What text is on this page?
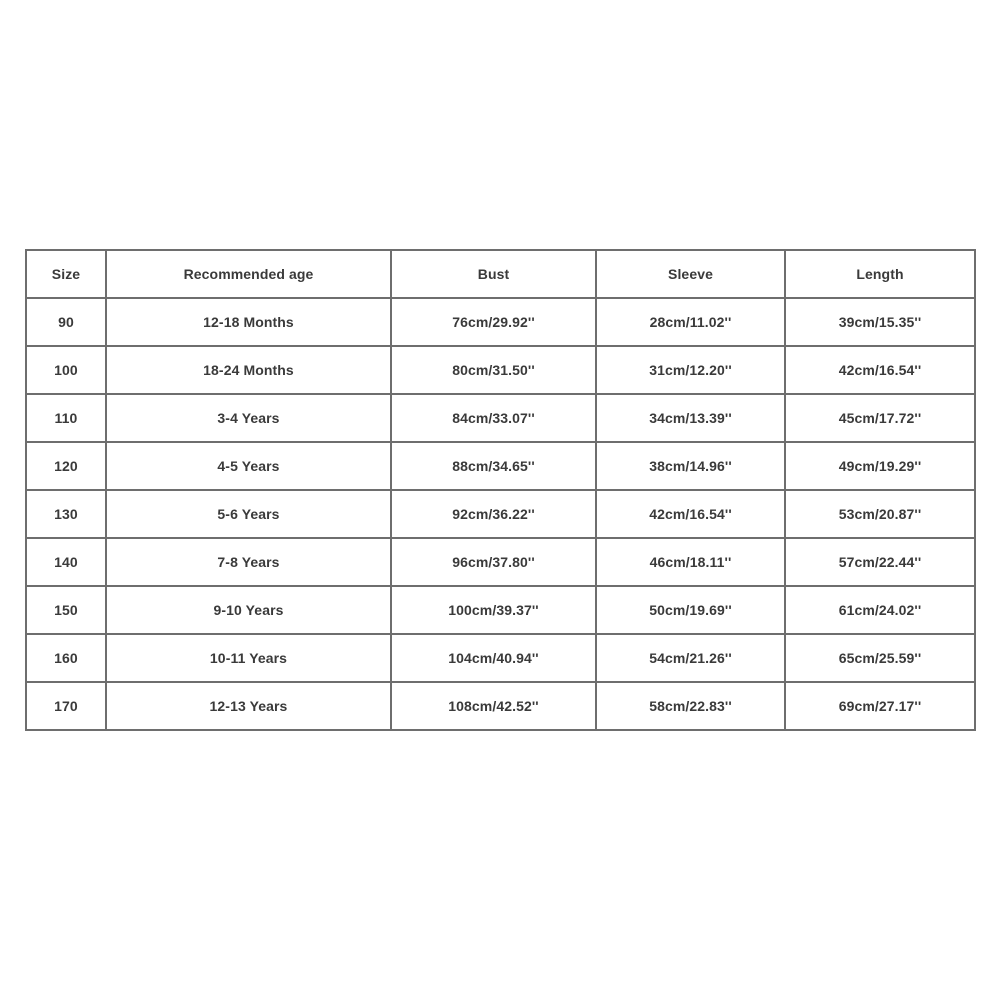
Size	Recommended age	Bust	Sleeve	Length
90	12-18 Months	76cm/29.92''	28cm/11.02''	39cm/15.35''
100	18-24 Months	80cm/31.50''	31cm/12.20''	42cm/16.54''
110	3-4 Years	84cm/33.07''	34cm/13.39''	45cm/17.72''
120	4-5 Years	88cm/34.65''	38cm/14.96''	49cm/19.29''
130	5-6 Years	92cm/36.22''	42cm/16.54''	53cm/20.87''
140	7-8 Years	96cm/37.80''	46cm/18.11''	57cm/22.44''
150	9-10 Years	100cm/39.37''	50cm/19.69''	61cm/24.02''
160	10-11 Years	104cm/40.94''	54cm/21.26''	65cm/25.59''
170	12-13 Years	108cm/42.52''	58cm/22.83''	69cm/27.17''
